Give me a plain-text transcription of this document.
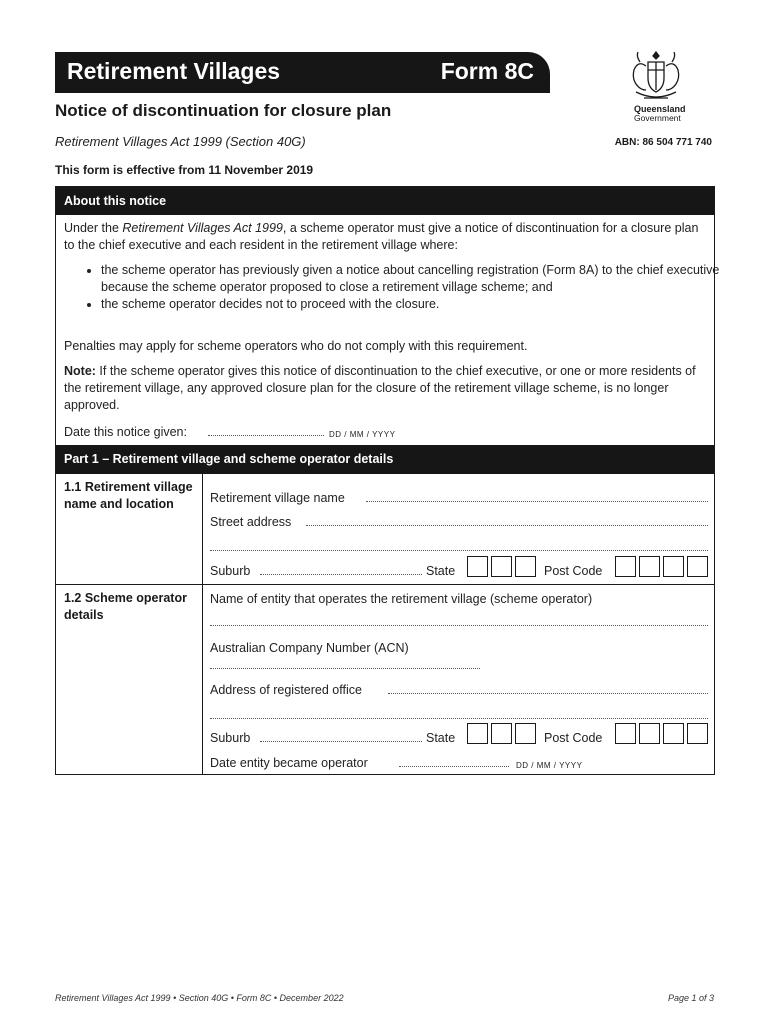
Retirement Villages	Form 8C
Notice of discontinuation for closure plan
Retirement Villages Act 1999 (Section 40G)	ABN: 86 504 771 740
This form is effective from 11 November 2019
Queensland
Government
About this notice
Under the Retirement Villages Act 1999, a scheme operator must give a notice of discontinuation for a closure plan to the chief executive and each resident in the retirement village where:
• the scheme operator has previously given a notice about cancelling registration (Form 8A) to the chief executive because the scheme operator proposed to close a retirement village scheme; and
• the scheme operator decides not to proceed with the closure.
Penalties may apply for scheme operators who do not comply with this requirement.
Note: If the scheme operator gives this notice of discontinuation to the chief executive, or one or more residents of the retirement village, any approved closure plan for the closure of the retirement village scheme, is no longer approved.
Date this notice given:	DD / MM / YYYY
Part 1 – Retirement village and scheme operator details
1.1 Retirement village name and location	Retirement village name
Street address
Suburb	State	Post Code
1.2 Scheme operator details
Name of entity that operates the retirement village (scheme operator)
Australian Company Number (ACN)
Address of registered office
Suburb	State	Post Code
Date entity became operator	DD / MM / YYYY
Retirement Villages Act 1999 • Section 40G • Form 8C • December 2022	Page 1 of 3
